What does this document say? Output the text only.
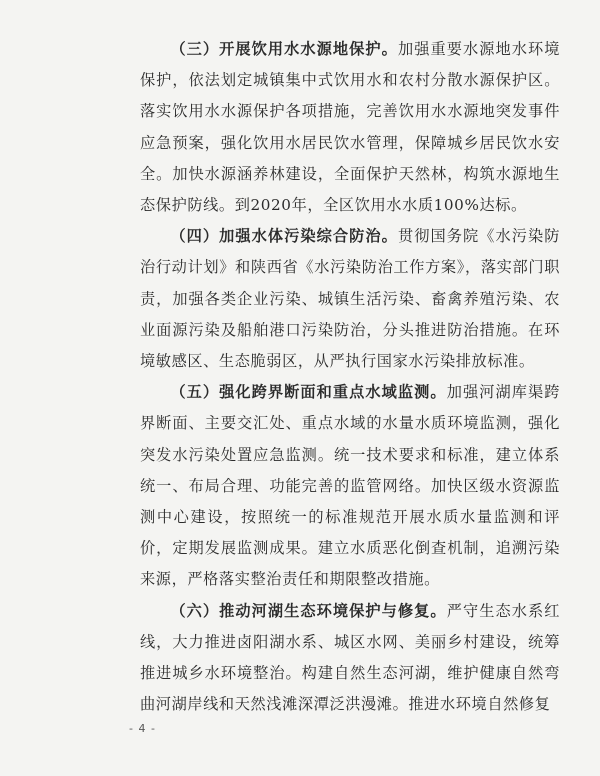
（三）开展饮用水水源地保护。加强重要水源地水环境保护，依法划定城镇集中式饮用水和农村分散水源保护区。落实饮用水水源保护各项措施，完善饮用水水源地突发事件应急预案，强化饮用水居民饮水管理，保障城乡居民饮水安全。加快水源涵养林建设，全面保护天然林，构筑水源地生态保护防线。到2020年，全区饮用水水质100%达标。

（四）加强水体污染综合防治。贯彻国务院《水污染防治行动计划》和陕西省《水污染防治工作方案》，落实部门职责，加强各类企业污染、城镇生活污染、畜禽养殖污染、农业面源污染及船舶港口污染防治，分头推进防治措施。在环境敏感区、生态脆弱区，从严执行国家水污染排放标准。

（五）强化跨界断面和重点水域监测。加强河湖库渠跨界断面、主要交汇处、重点水域的水量水质环境监测，强化突发水污染处置应急监测。统一技术要求和标准，建立体系统一、布局合理、功能完善的监管网络。加快区级水资源监测中心建设，按照统一的标准规范开展水质水量监测和评价，定期发展监测成果。建立水质恶化倒查机制，追溯污染来源，严格落实整治责任和期限整改措施。

（六）推动河湖生态环境保护与修复。严守生态水系红线，大力推进卤阳湖水系、城区水网、美丽乡村建设，统筹推进城乡水环境整治。构建自然生态河湖，维护健康自然弯曲河湖岸线和天然浅滩深潭泛洪漫滩。推进水环境自然修复

- 4 -
